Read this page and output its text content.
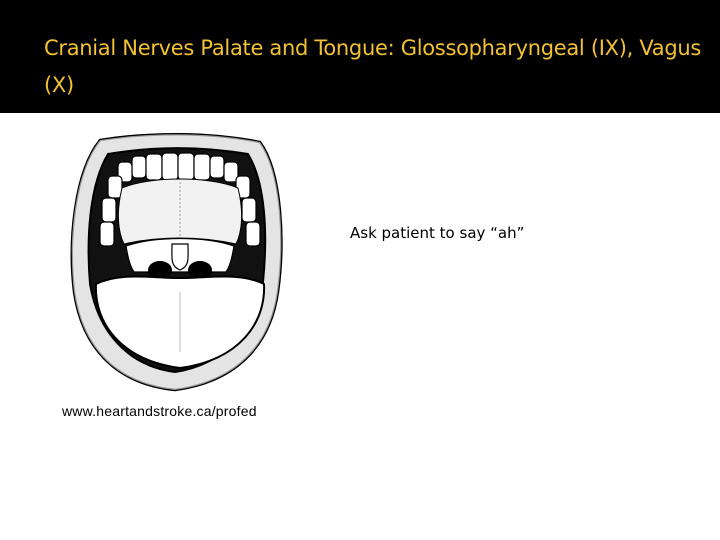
Cranial Nerves Palate and Tongue: Glossopharyngeal (IX), Vagus (X)
Ask patient to say “ah”
www.heartandstroke.ca/profed
